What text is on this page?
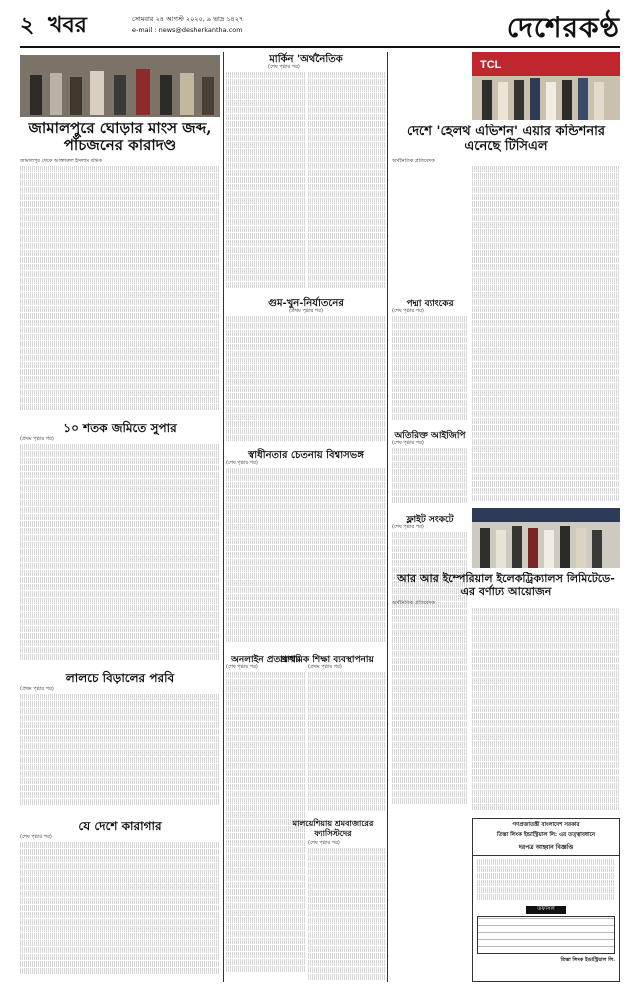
২ খবর	সোমবার ২৪ আগস্ট ২০২০, ৯ ভাদ্র ১৪২৭
e-mail : news@desherkantha.com	দেশেরকণ্ঠ
জামালপুরে ঘোড়ার মাংস জব্দ, পাঁচজনের কারাদণ্ড
জামালপুর থেকে আক্তারুল ইসলাম শ্রমিক
১০ শতক জমিতে সুপার
(প্রথম পৃষ্ঠার পর)
লালচে বিড়ালের পরবি
(প্রথম পৃষ্ঠার পর)
যে দেশে কারাগার
(শেষ পৃষ্ঠার পর)
মার্কিন 'অর্থনৈতিক
(শেষ পৃষ্ঠার পর)
গুম-খুন-নির্যাতনের
(প্রথম পৃষ্ঠার পর)
স্বাধীনতার চেতনায় বিশ্বাসভঙ্গ
(শেষ পৃষ্ঠার পর)
অনলাইন প্রতারণার
(শেষ পৃষ্ঠার পর)
প্রাথমিক শিক্ষা ব্যবস্থাপনায়
(প্রথম পৃষ্ঠার পর)
মালয়েশিয়ায় শ্রমবাজারের ফ্যাসিস্টদের
(শেষ পৃষ্ঠার পর)
পদ্মা ব্যাংকের
(শেষ পৃষ্ঠার পর)
অতিরিক্ত আইজিপি
(শেষ পৃষ্ঠার পর)
ফ্লাইট সংকটে
(শেষ পৃষ্ঠার পর)
TCL
দেশে 'হেলথ এভিশন' এয়ার কন্ডিশনার এনেছে টিসিএল
অর্থনৈতিক প্রতিবেদক
আর আর ইম্পেরিয়াল ইলেকট্রিক্যালস লিমিটেডে-এর বর্ণাঢ্য আয়োজন
অর্থনৈতিক প্রতিবেদক
গণপ্রজাতন্ত্রী বাংলাদেশ সরকার
তিস্তা লিংক ইন্ডাস্ট্রিয়াল লি: এর তত্ত্বাবধানে
দরপত্র আহ্বান বিজ্ঞপ্তি
তফসিল
তিস্তা লিংক ইন্ডাস্ট্রিয়াল লি.
